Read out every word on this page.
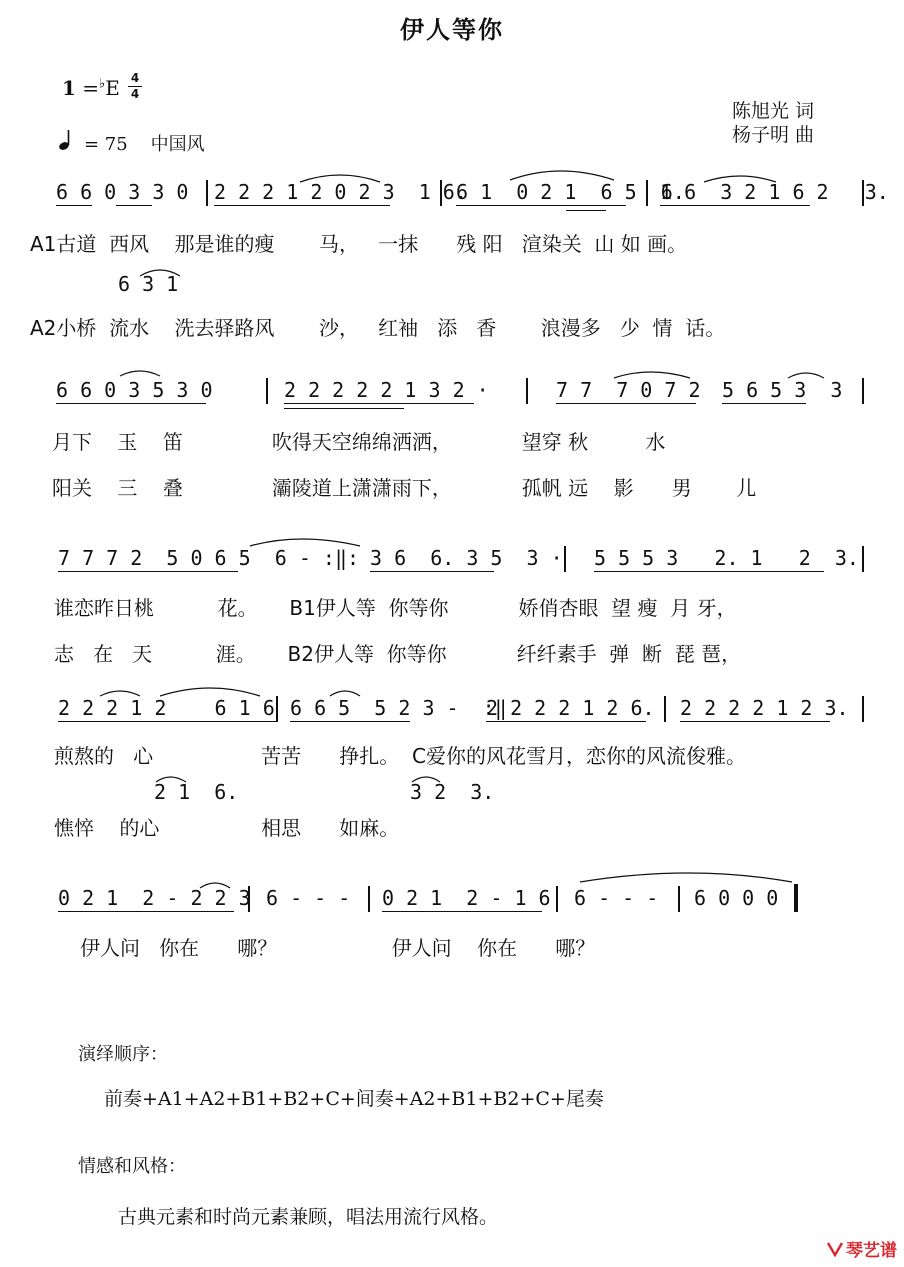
伊人等你
1 =♭E 4
4
= 75 中国风
陈旭光 词
杨子明 曲
6 6 0 3 3 0 2 2 2 1 2 0 2 3  1 6.
6 1  0 2 1  6 5  6.
1 6  3 2 1 6 2   3.
A1古道  西风    那是谁的瘦       马，   一抹      残 阳   渲染关  山 如 画。
6 3 1
A2小桥  流水    洗去驿路风       沙，   红袖   添   香       浪漫多   少  情  话。
6 6 0 3 5 3 0	2 2 2 2 2 1 3 2 ·	7 7  7 0 7 2 5 6 5 3  3
月下    玉    笛              吹得天空绵绵洒洒，           望穿 秋         水
阳关    三    叠              灞陵道上潇潇雨下，           孤帆 远    影      男       儿
7 7 7 2  5 0 6 5  6 - :‖: 3 6  6. 3 5  3 · 5 5 5 3   2. 1   2  3.
谁恋昨日桃          花。     B1伊人等  你等你           娇俏杏眼  望 瘦  月 牙，
志   在   天          涯。     B2伊人等  你等你           纤纤素手  弹  断  琵 琶，
2 2 2 1 2    6 1 6 6 6 5  5 2 3 -  :‖
2 2 2 2 1 2 6. 2 2 2 2 1 2 3.
煎熬的   心                 苦苦      挣扎。  C爱你的风花雪月，恋你的风流俊雅。
2 1  6.	3 2  3.
憔悴    的心                相思      如麻。
0 2 1  2 - 2 2 3 6 - - - 0 2 1  2 - 1 6 6 - - - 6 0 0 0
伊人问   你在      哪？                  伊人问    你在      哪？
演绎顺序：
前奏+A1+A2+B1+B2+C+间奏+A2+B1+B2+C+尾奏
情感和风格：
古典元素和时尚元素兼顾，唱法用流行风格。
琴艺谱
